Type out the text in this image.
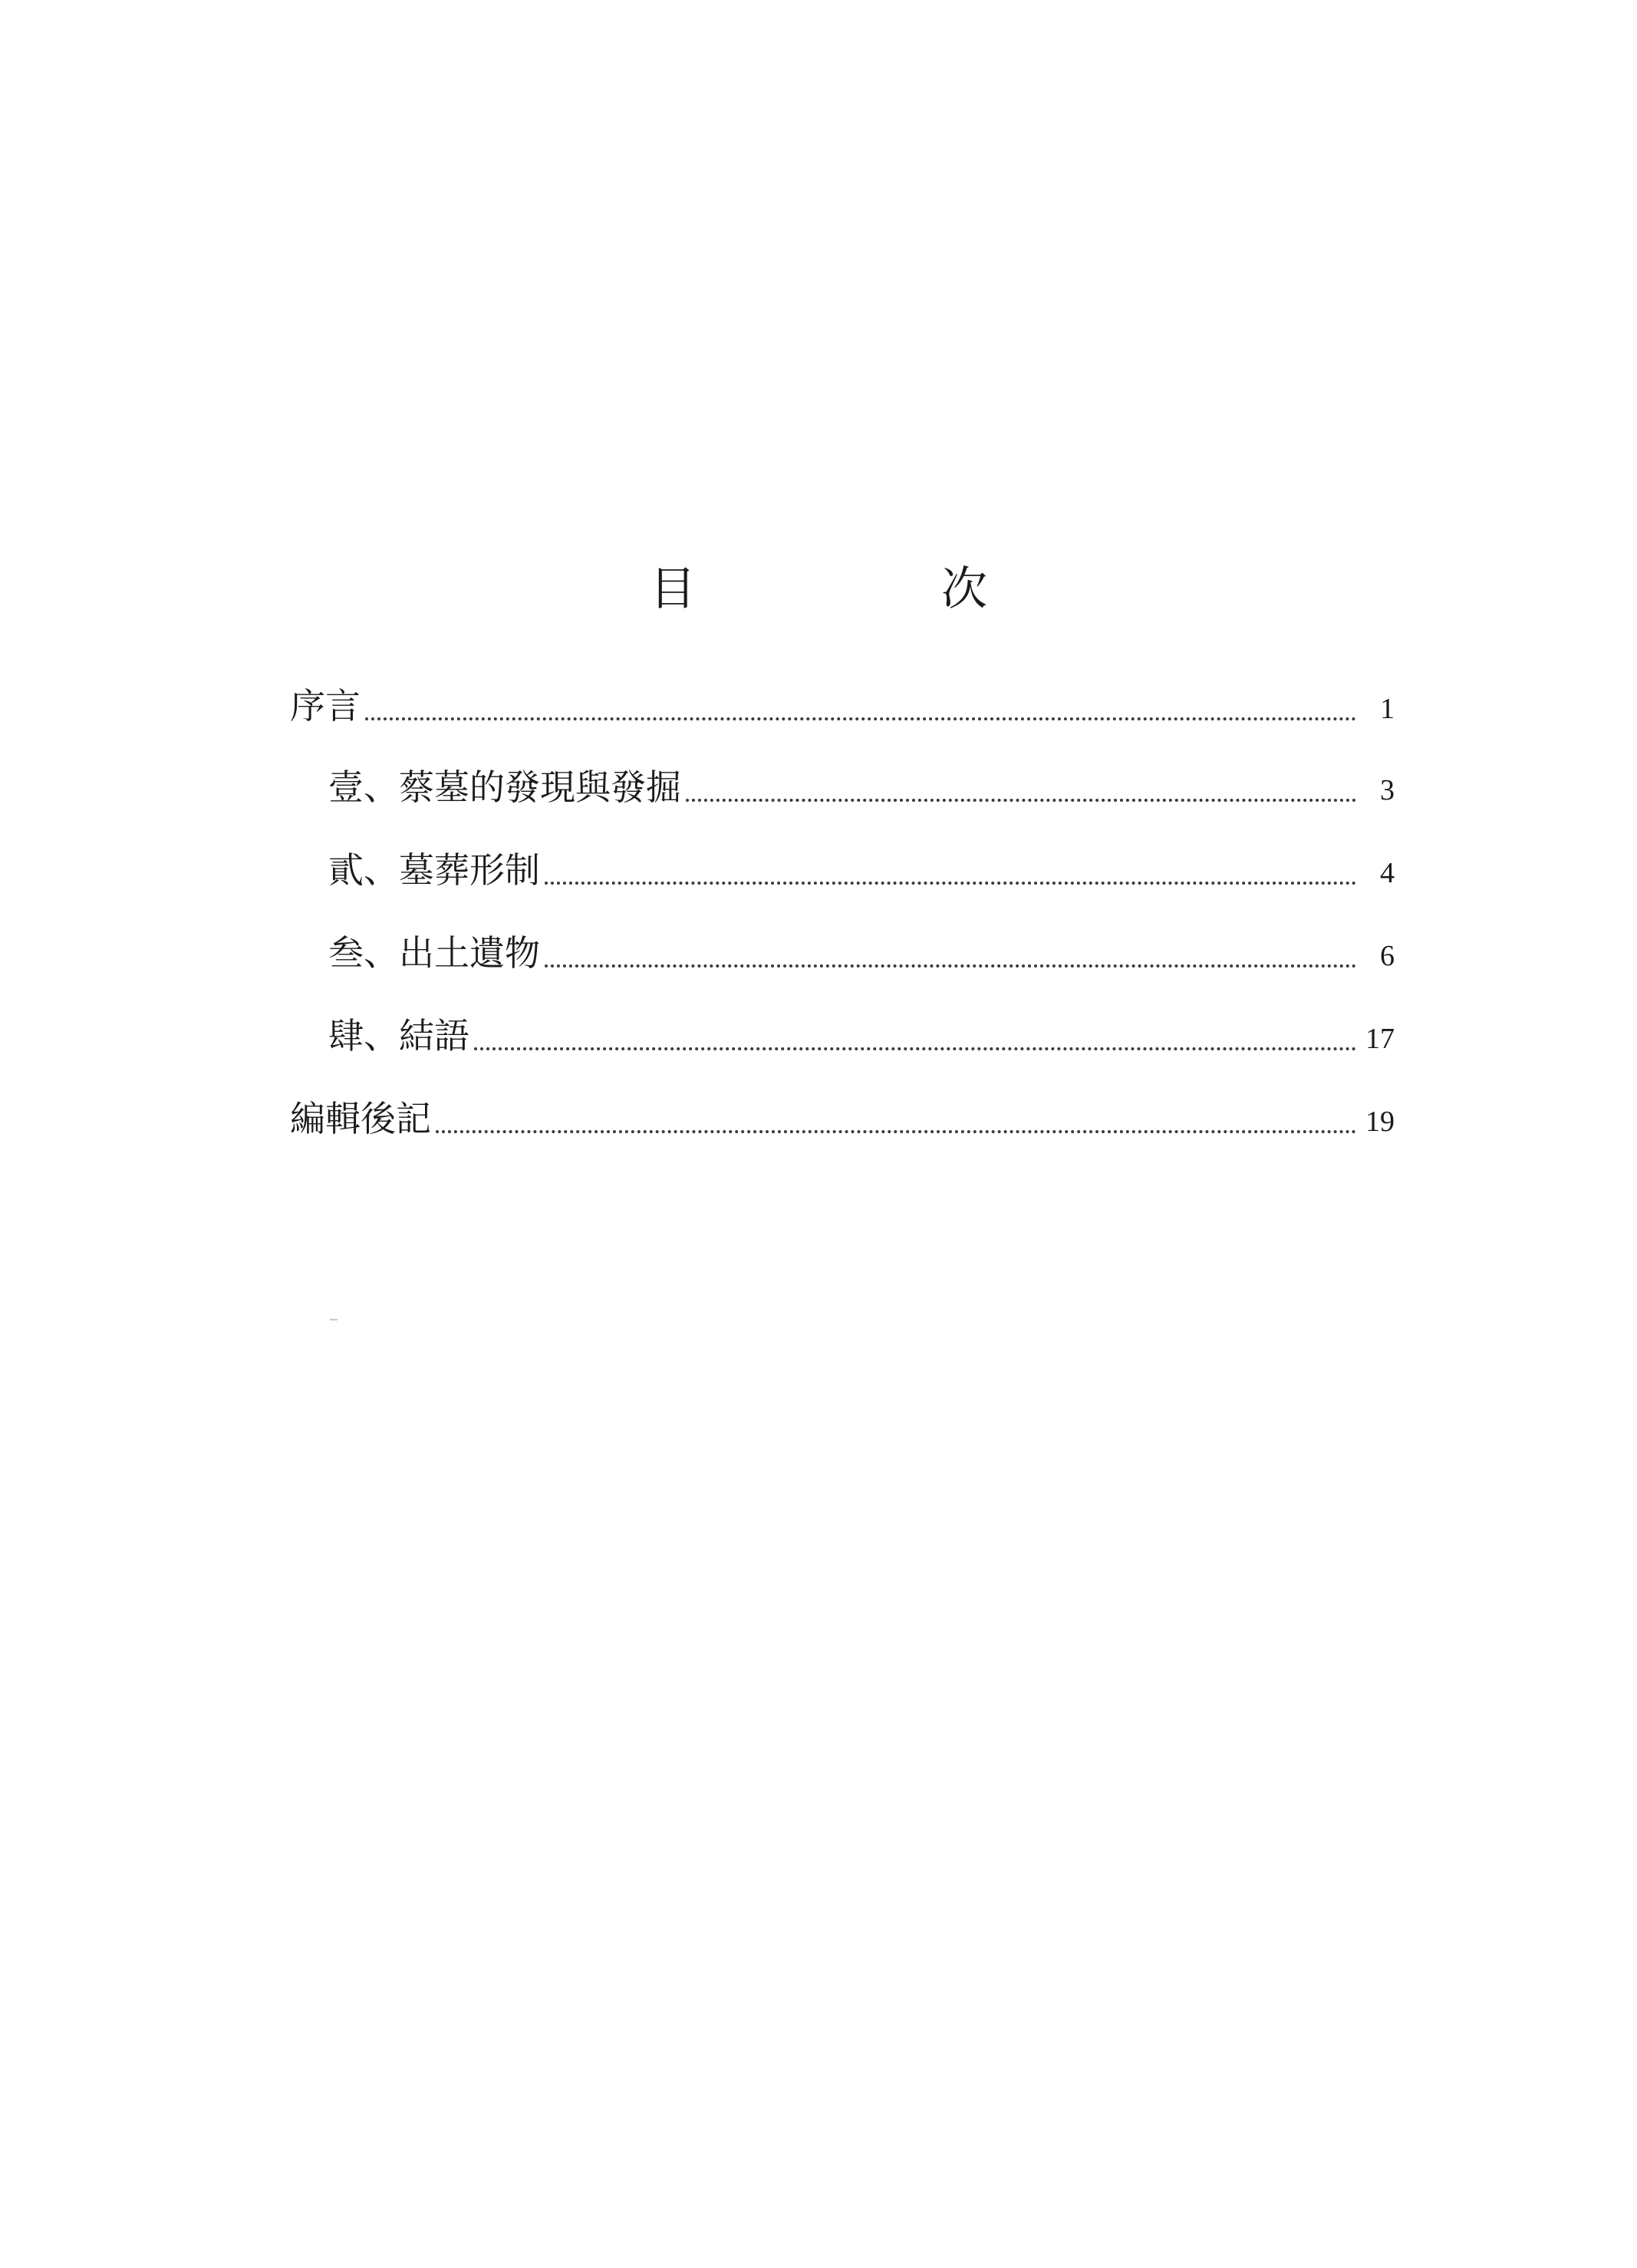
目　次
序言	1
壹、蔡墓的發現與發掘	3
貳、墓葬形制	4
叁、出土遺物	6
肆、結語	17
編輯後記	19
